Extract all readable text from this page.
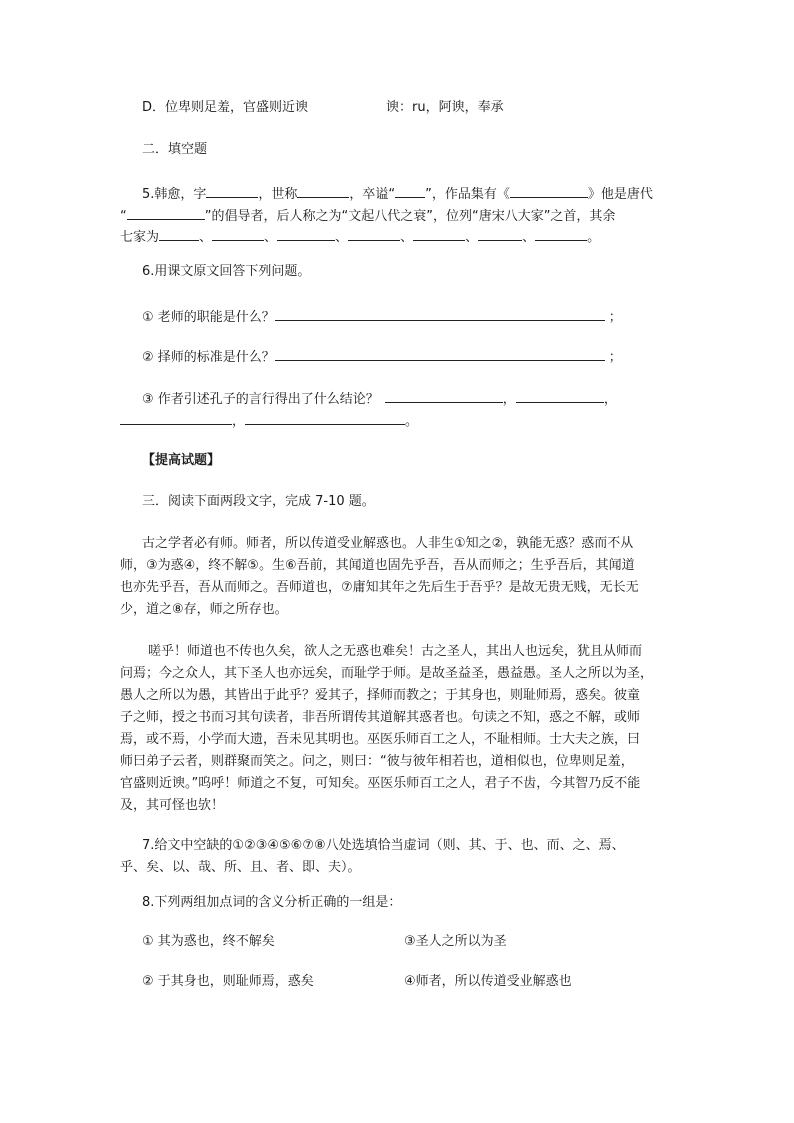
D．位卑则足羞，官盛则近谀	谀：ru，阿谀，奉承
二．填空题
5.韩愈，字	，世称	，卒谥“ ”，作品集有《	》他是唐代
“	”的倡导者，后人称之为“文起八代之衰”，位列“唐宋八大家”之首，其余
七家为	、	、	、	、	、	、	。
6.用课文原文回答下列问题。
① 老师的职能是什么？	；
② 择师的标准是什么？	；
③ 作者引述孔子的言行得出了什么结论？	，	，
，	。
【提高试题】
三．阅读下面两段文字，完成 7-10 题。
古之学者必有师。师者，所以传道受业解惑也。人非生①知之②，孰能无惑？惑而不从
师，③为惑④，终不解⑤。生⑥吾前，其闻道也固先乎吾，吾从而师之；生乎吾后，其闻道
也亦先乎吾，吾从而师之。吾师道也，⑦庸知其年之先后生于吾乎？是故无贵无贱，无长无
少，道之⑧存，师之所存也。
嗟乎！师道也不传也久矣，欲人之无惑也难矣！古之圣人，其出人也远矣，犹且从师而
问焉；今之众人，其下圣人也亦远矣，而耻学于师。是故圣益圣，愚益愚。圣人之所以为圣，
愚人之所以为愚，其皆出于此乎？爱其子，择师而教之；于其身也，则耻师焉，惑矣。彼童
子之师，授之书而习其句读者，非吾所谓传其道解其惑者也。句读之不知，惑之不解，或师
焉，或不焉，小学而大遗，吾未见其明也。巫医乐师百工之人，不耻相师。士大夫之族，曰
师曰弟子云者，则群聚而笑之。问之，则曰：“彼与彼年相若也，道相似也，位卑则足羞，
官盛则近谀。”呜呼！师道之不复，可知矣。巫医乐师百工之人，君子不齿，今其智乃反不能
及，其可怪也欤！
7.给文中空缺的①②③④⑤⑥⑦⑧八处选填恰当虚词（则、其、于、也、而、之、焉、
乎、矣、以、哉、所、且、者、即、夫）。
8.下列两组加点词的含义分析正确的一组是：
① 其为惑也，终不解矣	③圣人之所以为圣
② 于其身也，则耻师焉，惑矣	④师者，所以传道受业解惑也
